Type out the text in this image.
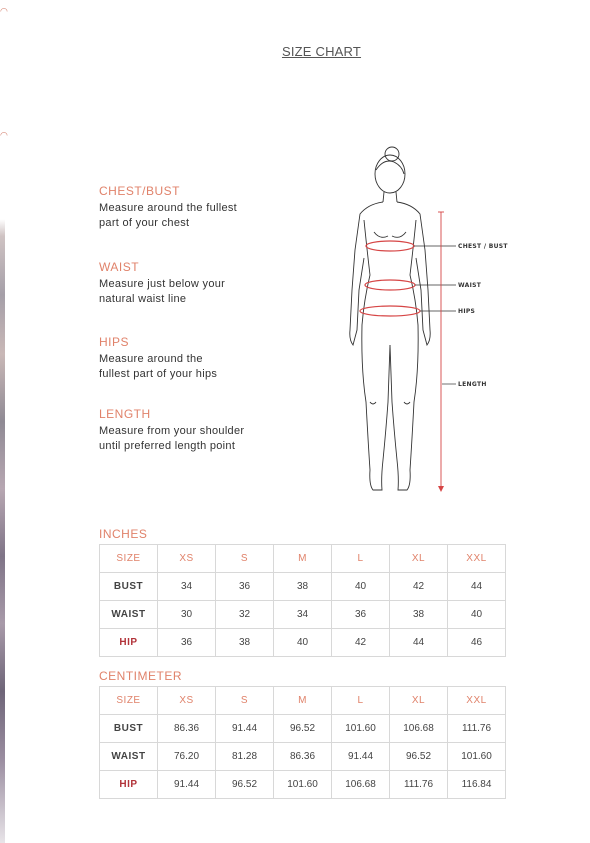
◠
◠
SIZE CHART
CHEST/BUST
Measure around the fullest
part of your chest
WAIST
Measure just below your
natural waist line
HIPS
Measure around the
fullest part of your hips
LENGTH
Measure from your shoulder
until preferred length point
CHEST / BUST
WAIST
HIPS
LENGTH
INCHES
SIZE	XS	S	M	L	XL	XXL
BUST	34	36	38	40	42	44
WAIST	30	32	34	36	38	40
HIP	36	38	40	42	44	46
CENTIMETER
SIZE	XS	S	M	L	XL	XXL
BUST	86.36	91.44	96.52	101.60	106.68	111.76
WAIST	76.20	81.28	86.36	91.44	96.52	101.60
HIP	91.44	96.52	101.60	106.68	111.76	116.84
